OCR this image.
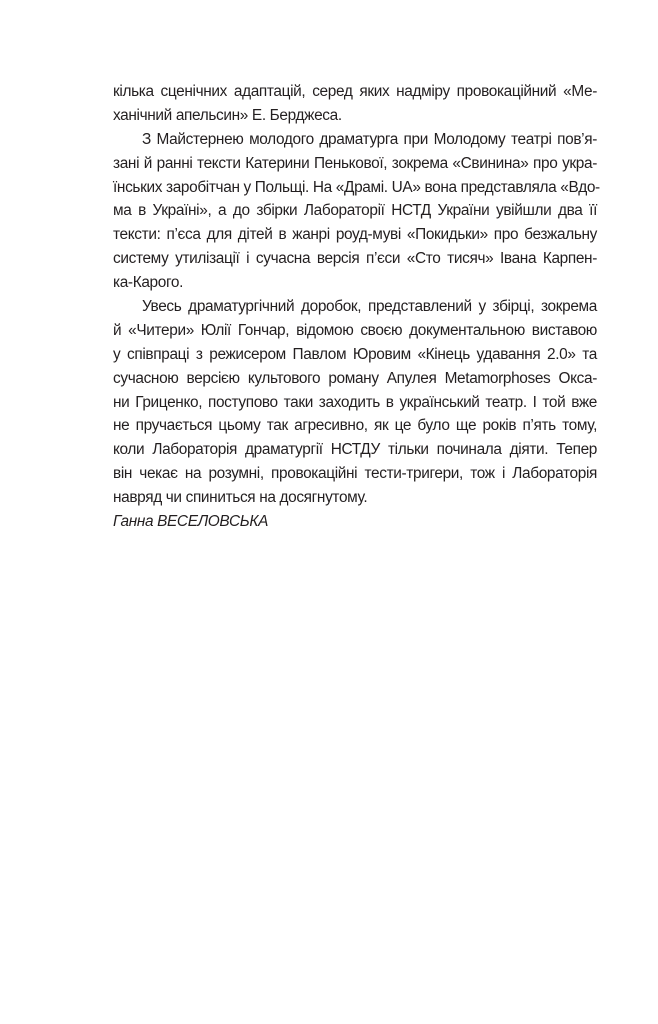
кілька сценічних адаптацій, серед яких надміру провокаційний «Ме-
ханічний апельсин» Е. Берджеса.
З Майстернею молодого драматурга при Молодому театрі пов’я-
зані й ранні тексти Катерини Пенькової, зокрема «Свинина» про укра-
їнських заробітчан у Польщі. На «Драмі. UA» вона представляла «Вдо-
ма в Україні», а до збірки Лабораторії НСТД України увійшли два її
тексти: п’єса для дітей в жанрі роуд-муві «Покидьки» про безжальну
систему утилізації і сучасна версія п’єси «Сто тисяч» Івана Карпен-
ка-Карого.
Увесь драматургічний доробок, представлений у збірці, зокрема
й «Читери» Юлії Гончар, відомою своєю документальною виставою
у співпраці з режисером Павлом Юровим «Кінець удавання 2.0» та
сучасною версією культового роману Апулея Metamorphoses Окса-
ни Гриценко, поступово таки заходить в український театр. І той вже
не пручається цьому так агресивно, як це було ще років п’ять тому,
коли Лабораторія драматургії НСТДУ тільки починала діяти. Тепер
він чекає на розумні, провокаційні тести-тригери, тож і Лабораторія
навряд чи спиниться на досягнутому.
Ганна ВЕСЕЛОВСЬКА
